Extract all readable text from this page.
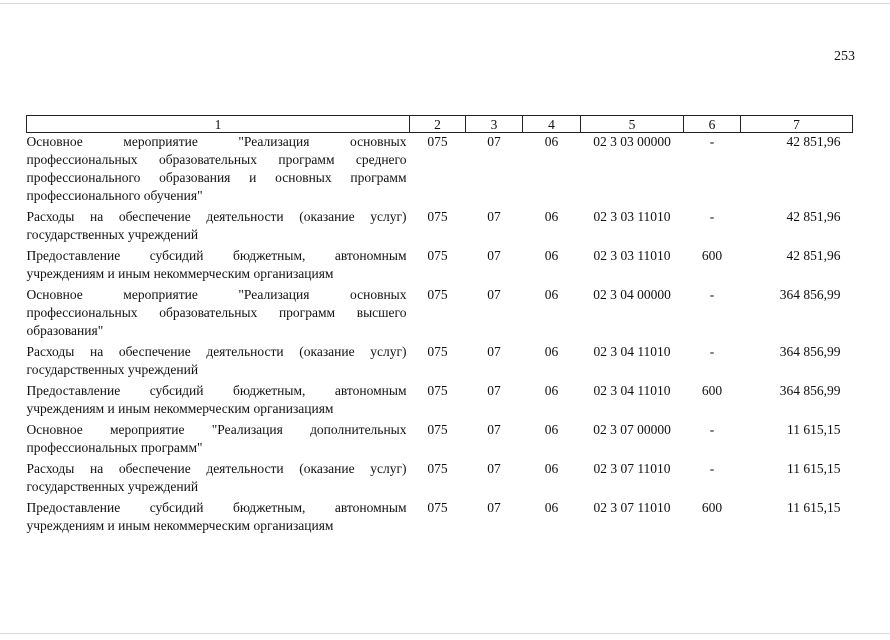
253
1	2	3	4	5	6	7
Основное мероприятие "Реализация основных профессиональных образовательных программ среднего профессионального образования и основных программ профессионального обучения"	075	07	06	02 3 03 00000	-	42 851,96
Расходы на обеспечение деятельности (оказание услуг) государственных учреждений	075	07	06	02 3 03 11010	-	42 851,96
Предоставление субсидий бюджетным, автономным учреждениям и иным некоммерческим организациям	075	07	06	02 3 03 11010	600	42 851,96
Основное мероприятие "Реализация основных профессиональных образовательных программ высшего образования"	075	07	06	02 3 04 00000	-	364 856,99
Расходы на обеспечение деятельности (оказание услуг) государственных учреждений	075	07	06	02 3 04 11010	-	364 856,99
Предоставление субсидий бюджетным, автономным учреждениям и иным некоммерческим организациям	075	07	06	02 3 04 11010	600	364 856,99
Основное мероприятие "Реализация дополнительных профессиональных программ"	075	07	06	02 3 07 00000	-	11 615,15
Расходы на обеспечение деятельности (оказание услуг) государственных учреждений	075	07	06	02 3 07 11010	-	11 615,15
Предоставление субсидий бюджетным, автономным учреждениям и иным некоммерческим организациям	075	07	06	02 3 07 11010	600	11 615,15
